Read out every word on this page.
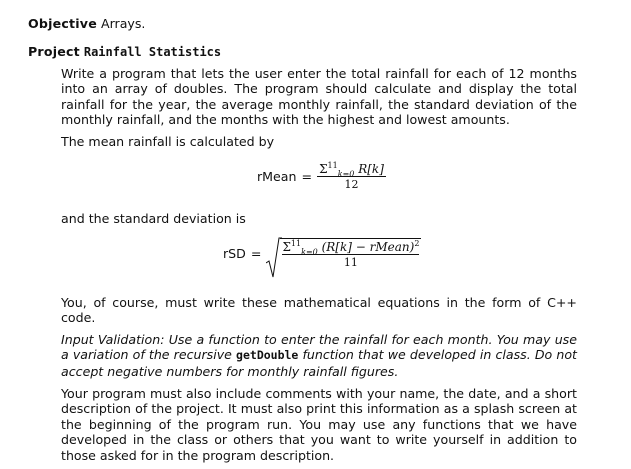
Objective Arrays.
Project Rainfall Statistics
Write a program that lets the user enter the total rainfall for each of 12 months into an array of doubles. The program should calculate and display the total rainfall for the year, the average monthly rainfall, the standard deviation of the monthly rainfall, and the months with the highest and lowest amounts.
The mean rainfall is calculated by
rMean = $\frac{\Sigma^{11}_{k=0} R[k]}{12}$
and the standard deviation is
rSD = $\Sigma^{11}_{k=0}$ (R[k] − rMean)$^2$
11
You, of course, must write these mathematical equations in the form of C++ code.
Input Validation: Use a function to enter the rainfall for each month. You may use a variation of the recursive getDouble function that we developed in class. Do not accept negative numbers for monthly rainfall figures.
Your program must also include comments with your name, the date, and a short description of the project. It must also print this information as a splash screen at the beginning of the program run. You may use any functions that we have developed in the class or others that you want to write yourself in addition to those asked for in the program description.
